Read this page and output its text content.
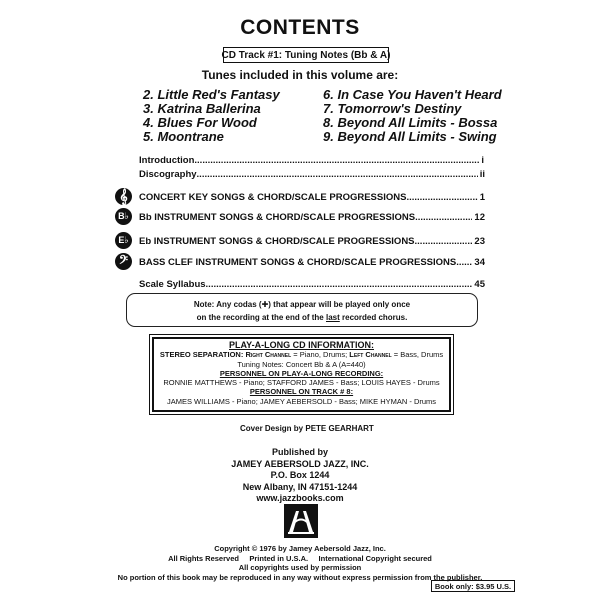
CONTENTS
CD Track #1: Tuning Notes (Bb & A)
Tunes included in this volume are:
2. Little Red's Fantasy
3. Katrina Ballerina
4. Blues For Wood
5. Moontrane
6. In Case You Haven't Heard
7. Tomorrow's Destiny
8. Beyond All Limits - Bossa
9. Beyond All Limits - Swing
Introduction .....	i
Discography .....	ii
𝄞	CONCERT KEY SONGS & CHORD/SCALE PROGRESSIONS .....	1
B♭	Bb INSTRUMENT SONGS & CHORD/SCALE PROGRESSIONS .....	12
E♭	Eb INSTRUMENT SONGS & CHORD/SCALE PROGRESSIONS .....	23
𝄢	BASS CLEF INSTRUMENT SONGS & CHORD/SCALE PROGRESSIONS ..... 34
Scale Syllabus .....	45
Note: Any codas (✚) that appear will be played only once
on the recording at the end of the last recorded chorus.
PLAY-A-LONG CD INFORMATION:
STEREO SEPARATION: Right Channel = Piano, Drums; Left Channel = Bass, Drums
Tuning Notes: Concert Bb & A (A=440)
PERSONNEL ON PLAY-A-LONG RECORDING:
RONNIE MATTHEWS - Piano; STAFFORD JAMES - Bass; LOUIS HAYES - Drums
PERSONNEL ON TRACK # 8:
JAMES WILLIAMS - Piano; JAMEY AEBERSOLD - Bass; MIKE HYMAN - Drums
Cover Design by PETE GEARHART
Published by
JAMEY AEBERSOLD JAZZ, INC.
P.O. Box 1244
New Albany, IN 47151-1244
www.jazzbooks.com
Copyright © 1976 by Jamey Aebersold Jazz, Inc.
All Rights Reserved     Printed in U.S.A.     International Copyright secured
All copyrights used by permission
No portion of this book may be reproduced in any way without express permission from the publisher.
Book only: $3.95 U.S.
